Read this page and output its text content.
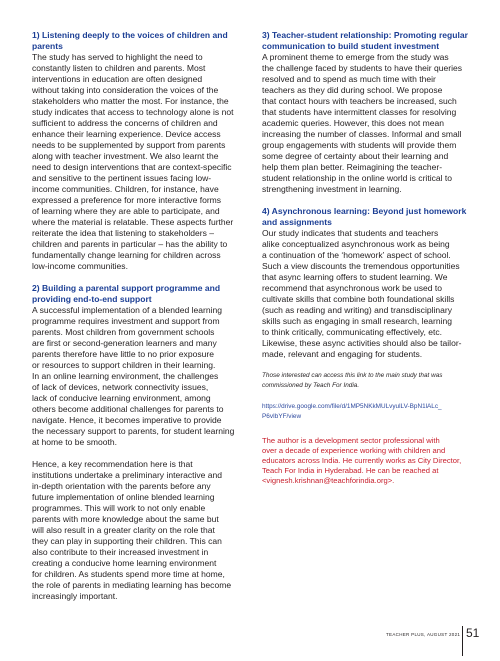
1) Listening deeply to the voices of children and
parents
The study has served to highlight the need to
constantly listen to children and parents. Most
interventions in education are often designed
without taking into consideration the voices of the
stakeholders who matter the most. For instance, the
study indicates that access to technology alone is not
sufficient to address the concerns of children and
enhance their learning experience. Device access
needs to be supplemented by support from parents
along with teacher investment. We also learnt the
need to design interventions that are context-specific
and sensitive to the pertinent issues facing low-
income communities. Children, for instance, have
expressed a preference for more interactive forms
of learning where they are able to participate, and
where the material is relatable. These aspects further
reiterate the idea that listening to stakeholders –
children and parents in particular – has the ability to
fundamentally change learning for children across
low-income communities.
2) Building a parental support programme and
providing end-to-end support
A successful implementation of a blended learning
programme requires investment and support from
parents. Most children from government schools
are first or second-generation learners and many
parents therefore have little to no prior exposure
or resources to support children in their learning.
In an online learning environment, the challenges
of lack of devices, network connectivity issues,
lack of conducive learning environment, among
others become additional challenges for parents to
navigate. Hence, it becomes imperative to provide
the necessary support to parents, for student learning
at home to be smooth.
Hence, a key recommendation here is that
institutions undertake a preliminary interactive and
in-depth orientation with the parents before any
future implementation of online blended learning
programmes. This will work to not only enable
parents with more knowledge about the same but
will also result in a greater clarity on the role that
they can play in supporting their children. This can
also contribute to their increased investment in
creating a conducive home learning environment
for children. As students spend more time at home,
the role of parents in mediating learning has become
increasingly important.
3) Teacher-student relationship: Promoting regular
communication to build student investment
A prominent theme to emerge from the study was
the challenge faced by students to have their queries
resolved and to spend as much time with their
teachers as they did during school. We propose
that contact hours with teachers be increased, such
that students have intermittent classes for resolving
academic queries. However, this does not mean
increasing the number of classes. Informal and small
group engagements with students will provide them
some degree of certainty about their learning and
help them plan better. Reimagining the teacher-
student relationship in the online world is critical to
strengthening investment in learning.
4) Asynchronous learning: Beyond just homework
and assignments
Our study indicates that students and teachers
alike conceptualized asynchronous work as being
a continuation of the ‘homework’ aspect of school.
Such a view discounts the tremendous opportunities
that async learning offers to student learning. We
recommend that asynchronous work be used to
cultivate skills that combine both foundational skills
(such as reading and writing) and transdisciplinary
skills such as engaging in small research, learning
to think critically, communicating effectively, etc.
Likewise, these async activities should also be tailor-
made, relevant and engaging for students.
Those interested can access this link to the main study that was
commissioned by Teach For India.
https://drive.google.com/file/d/1MP5NKkMULvyulLV-BpN1lALc_
P6vIbYF/view
The author is a development sector professional with
over a decade of experience working with children and
educators across India. He currently works as City Director,
Teach For India in Hyderabad. He can be reached at
<vignesh.krishnan@teachforindia.org>.
TEACHER PLUS, AUGUST 2021 51
